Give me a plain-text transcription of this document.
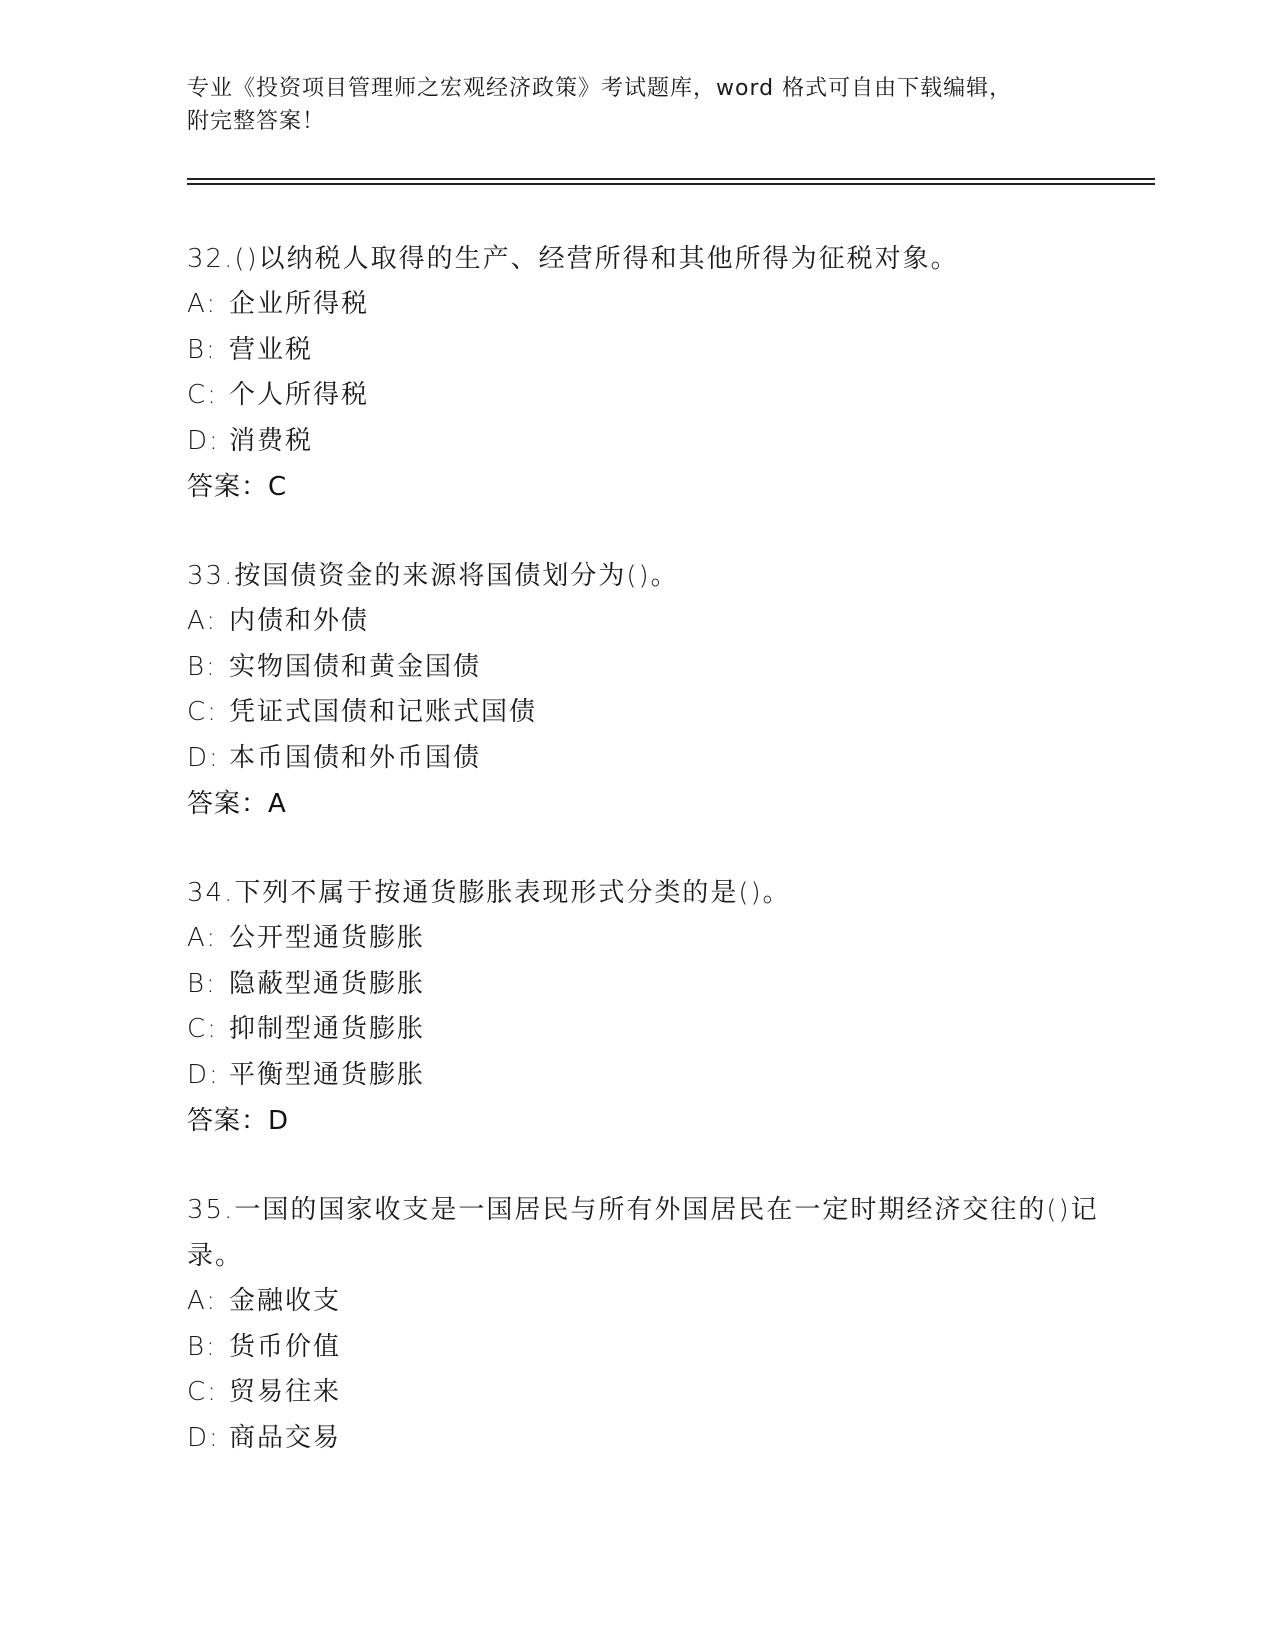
专业《投资项目管理师之宏观经济政策》考试题库，word 格式可自由下载编辑，
附完整答案！
32.()以纳税人取得的生产、经营所得和其他所得为征税对象。
A: 企业所得税
B: 营业税
C: 个人所得税
D: 消费税
答案：C
33.按国债资金的来源将国债划分为()。
A: 内债和外债
B: 实物国债和黄金国债
C: 凭证式国债和记账式国债
D: 本币国债和外币国债
答案：A
34.下列不属于按通货膨胀表现形式分类的是()。
A: 公开型通货膨胀
B: 隐蔽型通货膨胀
C: 抑制型通货膨胀
D: 平衡型通货膨胀
答案：D
35.一国的国家收支是一国居民与所有外国居民在一定时期经济交往的()记录。
A: 金融收支
B: 货币价值
C: 贸易往来
D: 商品交易
